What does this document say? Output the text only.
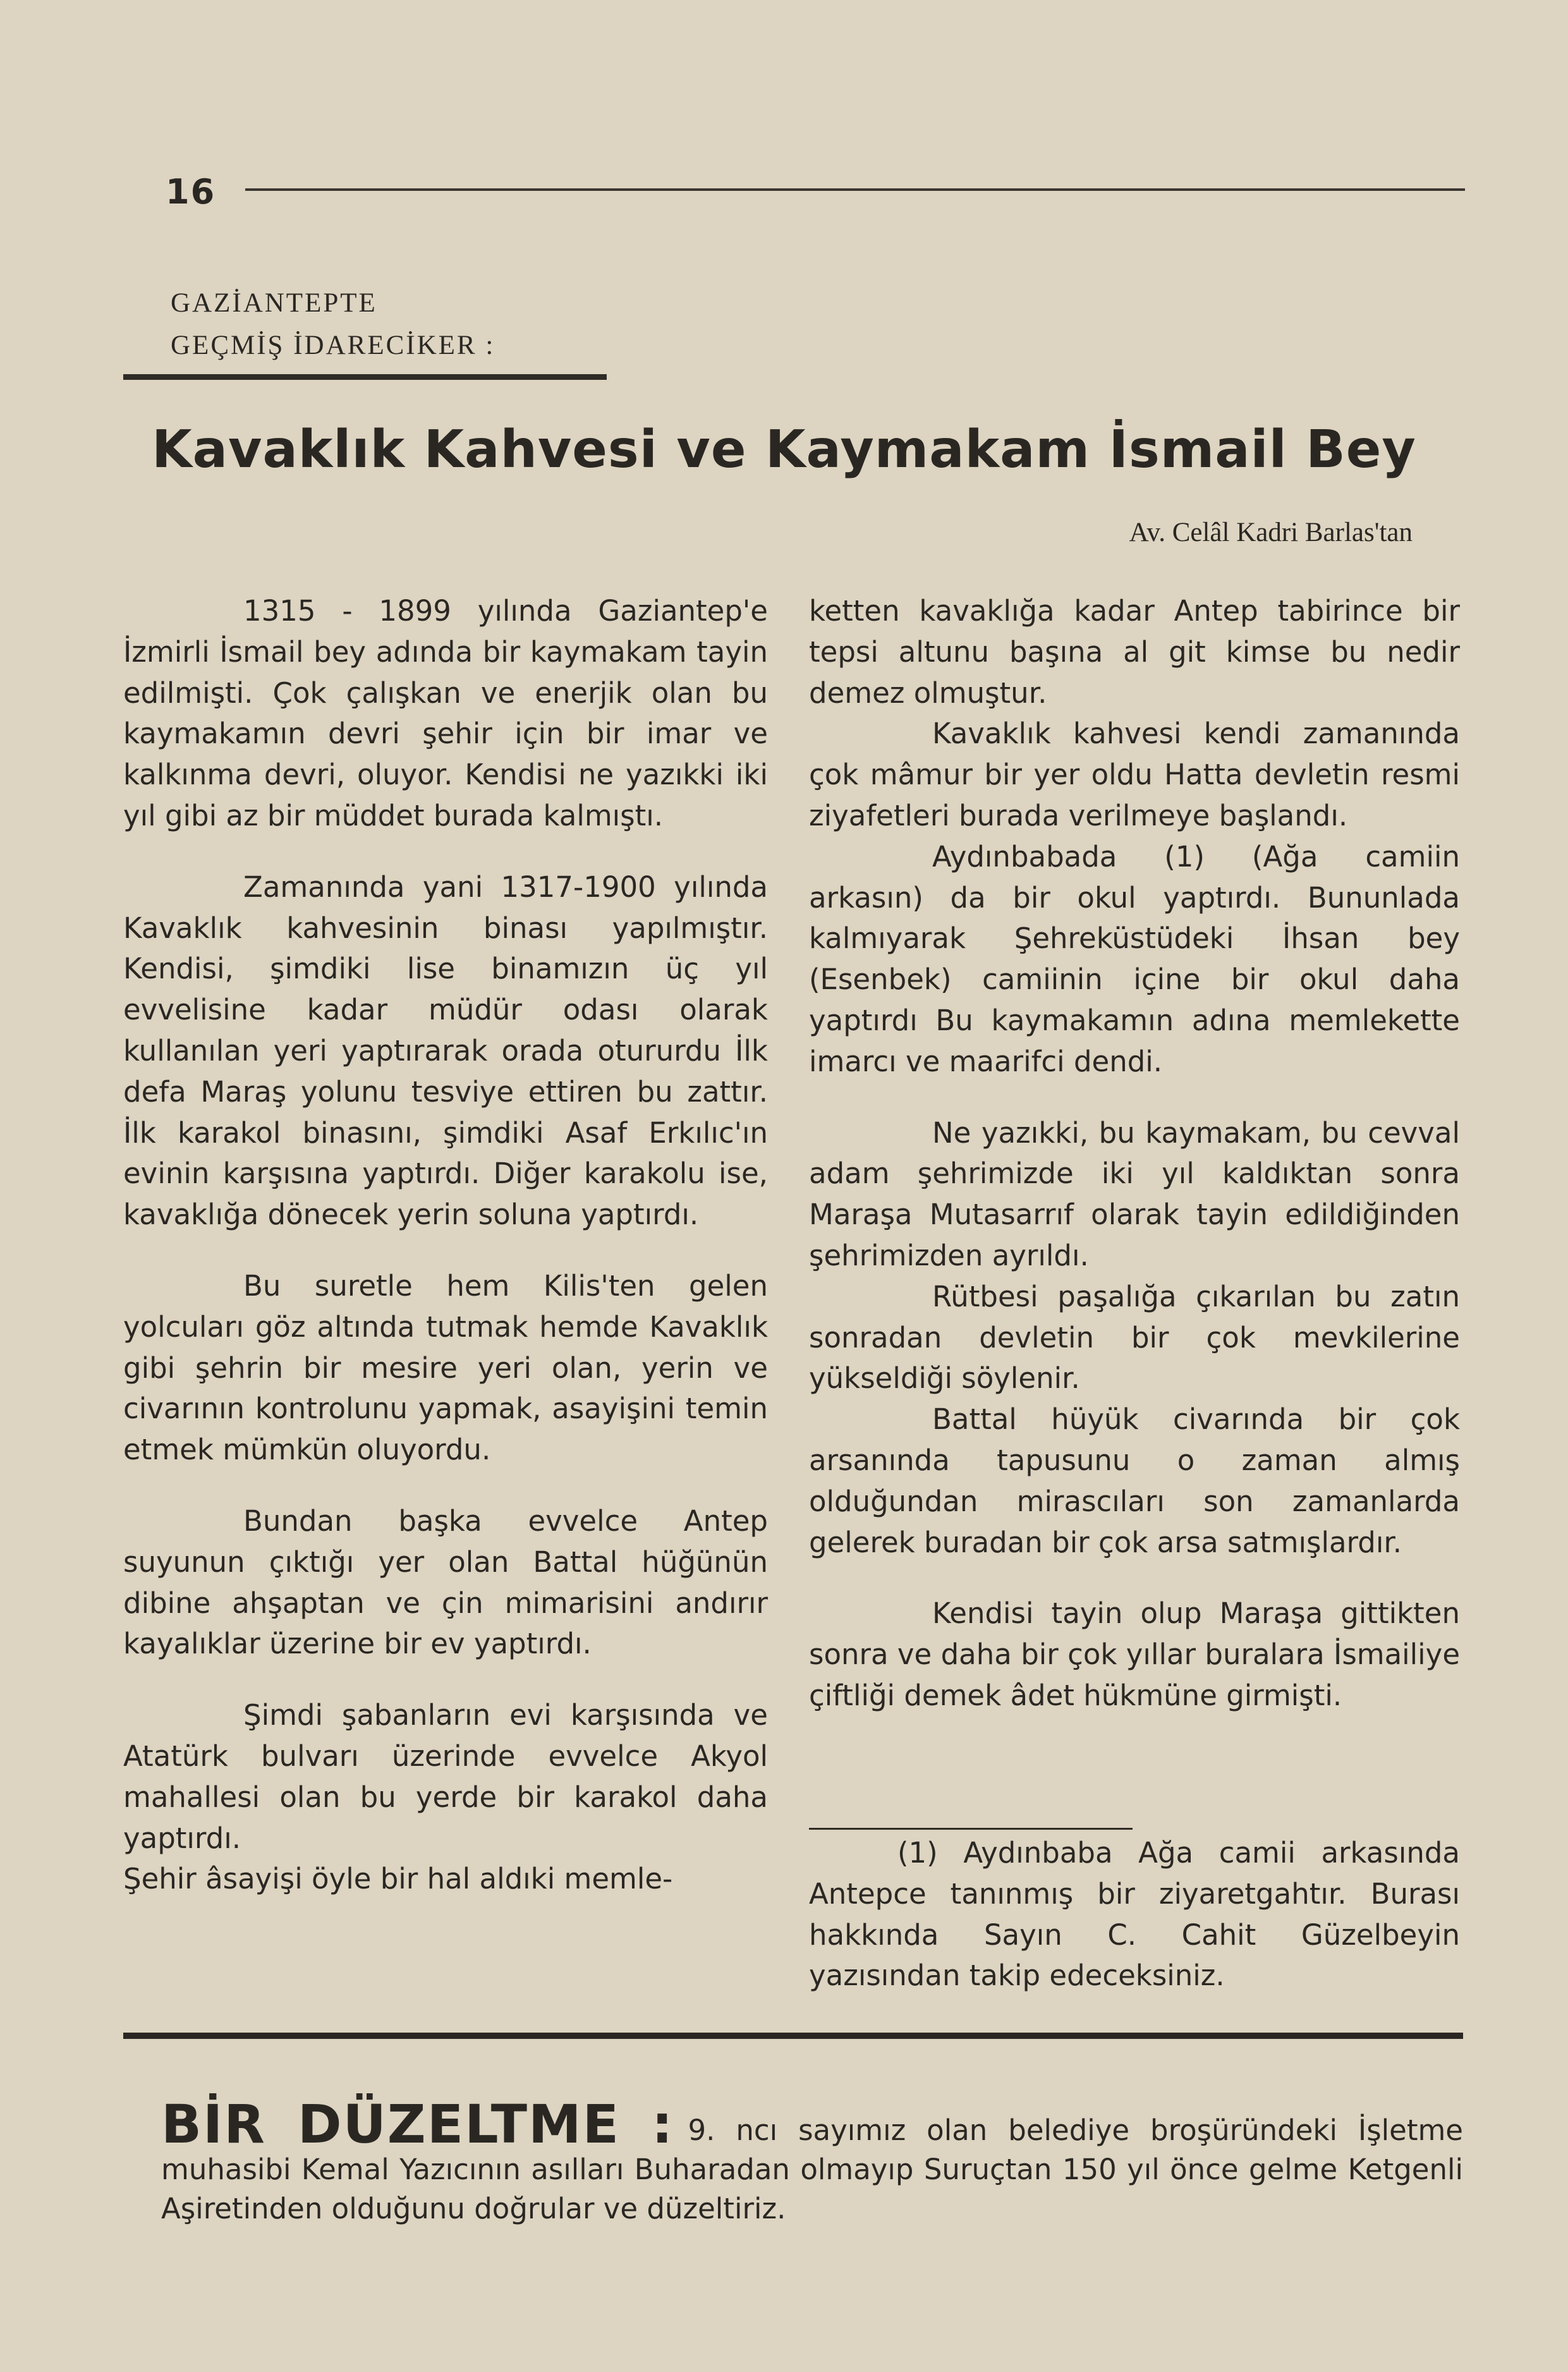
16
GAZİANTEPTE
GEÇMİŞ İDARECİKER :
Kavaklık Kahvesi ve Kaymakam İsmail Bey
Av. Celâl Kadri Barlas'tan

1315 - 1899 yılında Gaziantep'e İzmirli İsmail bey adında bir kaymakam tayin edilmişti. Çok çalışkan ve enerjik olan bu kaymakamın devri şehir için bir imar ve kalkınma devri, oluyor. Kendisi ne yazıkki iki yıl gibi az bir müddet burada kalmıştı.

Zamanında yani 1317-1900 yılında Kavaklık kahvesinin binası yapılmıştır. Kendisi, şimdiki lise binamızın üç yıl evvelisine kadar müdür odası olarak kullanılan yeri yaptırarak orada otururdu İlk defa Maraş yolunu tesviye ettiren bu zattır. İlk karakol binasını, şimdiki Asaf Erkılıc'ın evinin karşısına yaptırdı. Diğer karakolu ise, kavaklığa dönecek yerin soluna yaptırdı.

Bu suretle hem Kilis'ten gelen yolcuları göz altında tutmak hemde Kavaklık gibi şehrin bir mesire yeri olan, yerin ve civarının kontrolunu yapmak, asayişini temin etmek mümkün oluyordu.

Bundan başka evvelce Antep suyunun çıktığı yer olan Battal hüğünün dibine ahşaptan ve çin mimarisini andırır kayalıklar üzerine bir ev yaptırdı.

Şimdi şabanların evi karşısında ve Atatürk bulvarı üzerinde evvelce Akyol mahallesi olan bu yerde bir karakol daha yaptırdı.

Şehir âsayişi öyle bir hal aldıki memle-

ketten kavaklığa kadar Antep tabirince bir tepsi altunu başına al git kimse bu nedir demez olmuştur.

Kavaklık kahvesi kendi zamanında çok mâmur bir yer oldu Hatta devletin resmi ziyafetleri burada verilmeye başlandı.

Aydınbabada (1) (Ağa camiin arkasın) da bir okul yaptırdı. Bununlada kalmıyarak Şehreküstüdeki İhsan bey (Esenbek) camiinin içine bir okul daha yaptırdı Bu kaymakamın adına memlekette imarcı ve maarifci dendi.

Ne yazıkki, bu kaymakam, bu cevval adam şehrimizde iki yıl kaldıktan sonra Maraşa Mutasarrıf olarak tayin edildiğinden şehrimizden ayrıldı.

Rütbesi paşalığa çıkarılan bu zatın sonradan devletin bir çok mevkilerine yükseldiği söylenir.

Battal hüyük civarında bir çok arsanında tapusunu o zaman almış olduğundan mirascıları son zamanlarda gelerek buradan bir çok arsa satmışlardır.

Kendisi tayin olup Maraşa gittikten sonra ve daha bir çok yıllar buralara İsmailiye çiftliği demek âdet hükmüne girmişti.

(1) Aydınbaba Ağa camii arkasında Antepce tanınmış bir ziyaretgahtır. Burası hakkında Sayın C. Cahit Güzelbeyin yazısından takip edeceksiniz.

BİR DÜZELTME : 9. ncı sayımız olan belediye broşüründeki İşletme muhasibi Kemal Yazıcının asılları Buharadan olmayıp Suruçtan 150 yıl önce gelme Ketgenli Aşiretinden olduğunu doğrular ve düzeltiriz.
